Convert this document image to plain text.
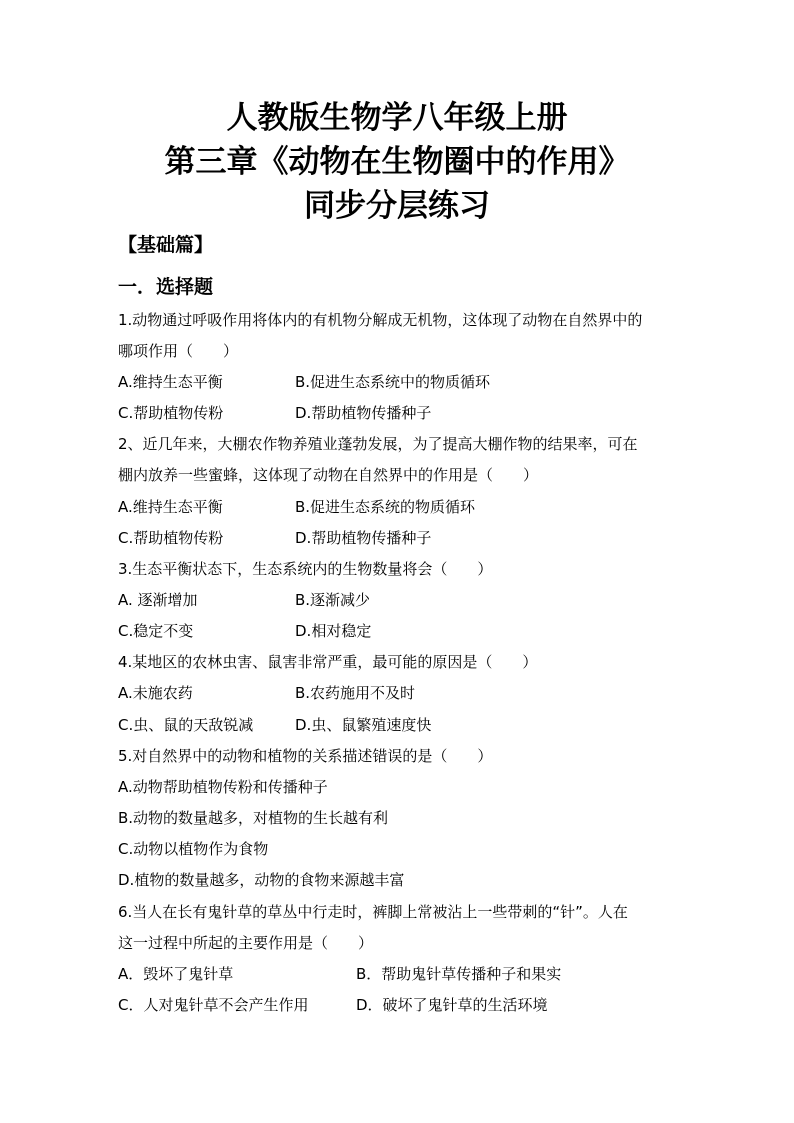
人教版生物学八年级上册
第三章《动物在生物圈中的作用》
同步分层练习
【基础篇】
一．选择题
1.动物通过呼吸作用将体内的有机物分解成无机物，这体现了动物在自然界中的
哪项作用（　　）
A.维持生态平衡	B.促进生态系统中的物质循环
C.帮助植物传粉	D.帮助植物传播种子
2、近几年来，大棚农作物养殖业蓬勃发展，为了提高大棚作物的结果率，可在
棚内放养一些蜜蜂，这体现了动物在自然界中的作用是（　　）
A.维持生态平衡	B.促进生态系统的物质循环
C.帮助植物传粉	D.帮助植物传播种子
3.生态平衡状态下，生态系统内的生物数量将会（　　）
A. 逐渐增加	B.逐渐减少
C.稳定不变	D.相对稳定
4.某地区的农林虫害、鼠害非常严重，最可能的原因是（　　）
A.未施农药	B.农药施用不及时
C.虫、鼠的天敌锐减	D.虫、鼠繁殖速度快
5.对自然界中的动物和植物的关系描述错误的是（　　）
A.动物帮助植物传粉和传播种子
B.动物的数量越多，对植物的生长越有利
C.动物以植物作为食物
D.植物的数量越多，动物的食物来源越丰富
6.当人在长有鬼针草的草丛中行走时，裤脚上常被沾上一些带刺的“针”。人在
这一过程中所起的主要作用是（　　）
A．毁坏了鬼针草	B．帮助鬼针草传播种子和果实
C．人对鬼针草不会产生作用	D．破坏了鬼针草的生活环境
